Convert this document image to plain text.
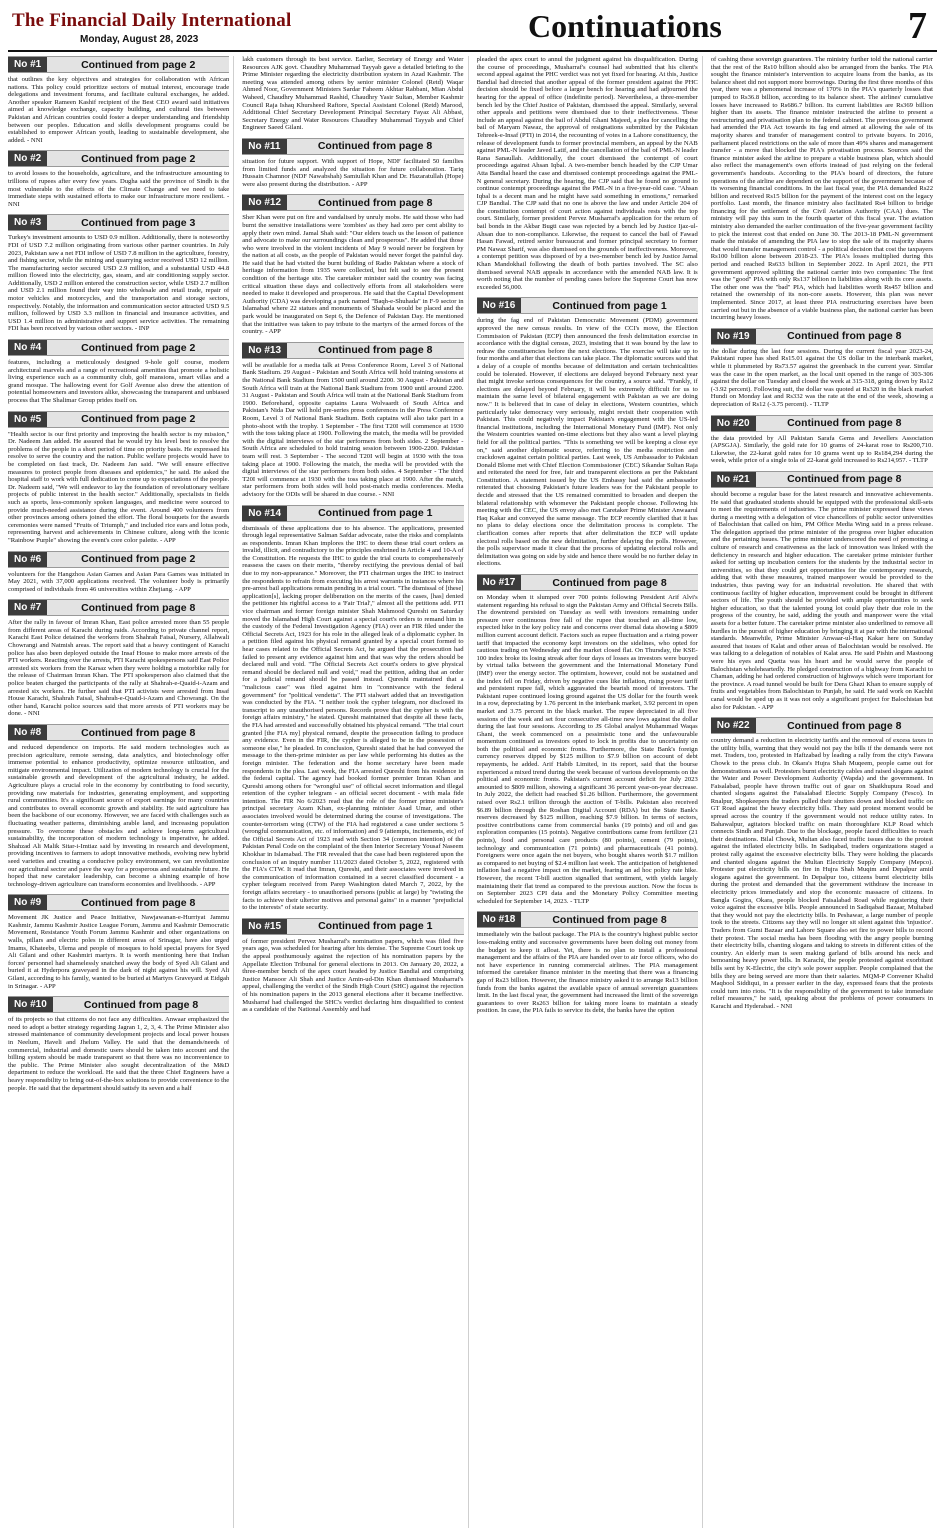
The Financial Daily International
Monday, August 28, 2023	Continuations	7
No #1	Continued from page 2

that outlines the key objectives and strategies for collaboration with African nations. This policy could prioritize sectors of mutual interest, encourage trade delegations and investment forums, and facilitate cultural exchanges, he added. Another speaker Rameen Kashif recipient of the Best CEO award said initiatives aimed at knowledge exchange, capacity building, and cultural ties between Pakistan and African countries could foster a deeper understanding and friendship between our peoples. Education and skills development programs could be established to empower African youth, leading to sustainable development, she added. - NNI

No #2	Continued from page 2

to avoid losses to the households, agriculture, and the infrastructure amounting to trillions of rupees after every few years. Dugha said the province of Sindh is the most vulnerable to the effects of the Climate Change and we need to take immediate steps with sustained efforts to make our infrastructure more resilient. - NNI

No #3	Continued from page 3

Turkey's investment amounts to USD 0.9 million. Additionally, there is noteworthy FDI of USD 7.2 million originating from various other partner countries. In July 2023, Pakistan saw a net FDI inflow of USD 7.8 million in the agriculture, forestry, and fishing sector, while the mining and quarrying sector received USD 12 million. The manufacturing sector secured USD 2.9 million, and a substantial USD 44.8 million flowed into the electricity, gas, steam, and air conditioning supply sector. Additionally, USD 2 million entered the construction sector, while USD 2.7 million and USD 2.1 million found their way into wholesale and retail trade, repair of motor vehicles and motorcycles, and the transportation and storage sectors, respectively. Notably, the information and communication sector attracted USD 9.5 million, followed by USD 3.3 million in financial and insurance activities, and USD 1.4 million in administrative and support service activities. The remaining FDI has been received by various other sectors. - INP

No #4	Continued from page 2

features, including a meticulously designed 9-hole golf course, modern architectural marvels and a range of recreational amenities that promote a holistic living experience such as a community club, golf mansions, smart villas and a grand mosque. The hallowing event for Golf Avenue also drew the attention of potential homeowners and investors alike, showcasing the transparent and unbiased process that The Shalimar Group prides itself on.

No #5	Continued from page 2

"Health sector is our first priority and improving the health sector is my mission," Dr. Nadeem Jan added. He assured that he would try his level best to resolve the problems of the people in a short period of time on priority basis. He expressed his resolve to serve the country and the nation. Public welfare projects would have to be completed on fast track, Dr. Nadeem Jan said. "We will ensure effective measures to protect people from diseases and epidemics," he said. He asked the hospital staff to work with full dedication to come up to expectations of the people. Dr. Nadeem said, "We will endeavor to lay the foundation of revolutionary welfare projects of public interest in the health sector." Additionally, specialists in fields such as sports, less-commonly spoken languages, and medicine were sourced to provide much-needed assistance during the event. Around 400 volunteers from other provinces among others joined the effort. The floral bouquets for the awards ceremonies were named "Fruits of Triumph," and included rice ears and lotus pods, representing harvest and achievements in Chinese culture, along with the iconic "Rainbow Purple" showing the event's core color palette. - APP

No #6	Continued from page 2

volunteers for the Hangzhou Asian Games and Asian Para Games was initiated in May 2021, with 37,000 applications received. The volunteer body is primarily comprised of individuals from 46 universities within Zhejiang. - APP

No #7	Continued from page 8

After the rally in favour of Imran Khan, East police arrested more than 55 people from different areas of Karachi during raids. According to private channel report, Karachi East Police detained the workers from Shahrah Faisal, Nursery, Allahwali Chowrangi and Natmish areas. The report said that a heavy contingent of Karachi police has also been deployed outside the Insaf House to make more arrests of the PTI workers. Reacting over the arrests, PTI Karachi spokespersons said East Police arrested six workers from the Karsaz when they were holding a motorbike rally for the release of Chairman Imran Khan. The PTI spokesperson also claimed that the police beaten charged the participants of the rally at Shahrah-e-Quaid-i-Azam and arrested six workers. He further said that PTI activists were arrested from Insaf House Karachi, Shahrah Faisal, Shahrah-e-Quaid-i-Azam and Chowrangi. On the other hand, Karachi police sources said that more arrests of PTI workers may be done. - NNI

No #8	Continued from page 8

and reduced dependence on imports. He said modern technologies such as precision agriculture, remote sensing, data analytics, and biotechnology offer immense potential to enhance productivity, optimize resource utilization, and mitigate environmental impact. Utilization of modern technology is crucial for the sustainable growth and development of the agricultural industry, he added. Agriculture plays a crucial role in the economy by contributing to food security, providing raw materials for industries, generating employment, and supporting rural communities. It's a significant source of export earnings for many countries and contributes to overall economic growth and stability. He said agriculture has been the backbone of our economy. However, we are faced with challenges such as fluctuating weather patterns, diminishing arable land, and increasing population pressure. To overcome these obstacles and achieve long-term agricultural sustainability, the incorporation of modern technology is imperative, he added. Shahzad Ali Malik Sitar-i-Imtiaz said by investing in research and development, providing incentives to farmers to adopt innovative methods, evolving new hybrid seed varieties and creating a conducive policy environment, we can revolutionize our agricultural sector and pave the way for a prosperous and sustainable future. He hoped that new caretaker leadership, can become a shining example of how technology-driven agriculture can transform economies and livelihoods. - APP

No #9	Continued from page 8

Movement JK Justice and Peace Initiative, Nawjawanan-e-Hurriyat Jammu Kashmir, Jammu Kashmir Justice League Forum, Jammu and Kashmir Democratic Movement, Resistance Youth Forum Jammu Kashmir and other organizations on walls, pillars and electric poles in different areas of Srinagar, have also urged Imams, Khateebs, Ulema and people of mosques to hold special prayers for Syed Ali Gilani and other Kashmiri martyrs. It is worth mentioning here that Indian forces' personnel had shamelessly snatched away the body of Syed Ali Gilani and buried it at Hyderpora graveyard in the dark of night against his will. Syed Ali Gilani, according to his family, wanted to be buried at Martyrs Graveyard at Eidgah in Srinagar. - APP

No #10	Continued from page 8

of its projects so that citizens do not face any difficulties. Anwaar emphasized the need to adopt a better strategy regarding Jagran 1, 2, 3, 4. The Prime Minister also stressed maintenance of community development projects and local power houses in Neelum, Haveli and Jhelum Valley. He said that the demands/needs of commercial, industrial and domestic users should be taken into account and the billing system should be made transparent so that there was no inconvenience to the public. The Prime Minister also sought decentralization of the M&D department to reduce the workload. He said that the three Chief Engineers have a heavy responsibility to bring out-of-the-box solutions to provide convenience to the people. He said that the department should satisfy its seven and a half

lakh customers through its best service. Earlier, Secretary of Energy and Water Resources AJK govt. Chaudhry Muhammad Tayyab gave a detailed briefing to the Prime Minister regarding the electricity distribution system in Azad Kashmir. The meeting was attended among others by senior minister Colonel (Retd) Waqar Ahmed Noor, Government Ministers Sardar Faheem Akhtar Rabbani, Mian Abdul Waheed, Chaudhry Muhammad Rashid, Chaudhry Yasir Sultan, Member Kashmir Council Raja Ishaq Khursheed Raftore, Special Assistant Colonel (Retd) Marood, Additional Chief Secretary Development Principal Secretary Fayaz Ali Abbasi, Secretary Energy and Water Resources Chaudhry Muhammad Tayyab and Chief Engineer Saeed Gilani.

No #11	Continued from page 8

situation for future support. With support of Hope, NDF facilitated 50 families from limited funds and analyzed the situation for future collaboration. Tariq Hussain Chamnor (NDF Nawabshah) Samiullah Khan and Dr. Hazaratullah (Hope) were also present during the distribution. - APP

No #12	Continued from page 8

Sher Khan were put on fire and vandalised by unruly mobs. He said those who had burnt the sensitive installations were 'zombies' as they had zero per cent ability to apply their own mind. Jamal Shah said: "Our elders teach us the lesson of patience and advocate to make our surroundings clean and prosperous". He added that those who were involved in the violent incidents of May 9 would never be forgiven by the nation at all costs, as the people of Pakistan would never forget the painful day. He said that he had visited the burnt building of Radio Pakistan where a stock of heritage information from 1935 were collected, but felt sad to see the present condition of the heritage site. The caretaker minister said the country was facing critical situation these days and collectively efforts from all stakeholders were needed to make it developed and prosperous. He said that the Capital Development Authority (CDA) was developing a park named "Baqh-e-Shuhada" in F-9 sector in Islamabad where 22 statues and monuments of Shahada would be placed and the park would be inaugurated on Sept 6, the Defence of Pakistan Day. He mentioned that the initiative was taken to pay tribute to the martyrs of the armed forces of the country. - APP

No #13	Continued from page 8

will be available for a media talk at Press Conference Room, Level 3 of National Bank Stadium. 29 August - Pakistan and South Africa will hold training sessions at the National Bank Stadium from 1500 until around 2200. 30 August - Pakistan and South Africa will train at the National Bank Stadium from 1900 until around 2200. 31 August - Pakistan and South Africa will train at the National Bank Stadium from 1900. Beforehand, opposite captains Laura Wolvaardt of South Africa and Pakistan's Nida Dar will hold pre-series press conferences in the Press Conference Room, Level 3 of National Bank Stadium. Both captains will also take part in a photo-shoot with the trophy. 1 September - The first T20I will commence at 1930 with the toss taking place at 1900. Following the match, the media will be provided with the digital interviews of the star performers from both sides. 2 September - South Africa are scheduled to hold training session between 1900-2200. Pakistan team will rest. 3 September - The second T20I will begin at 1930 with the toss taking place at 1900. Following the match, the media will be provided with the digital interviews of the star performers from both sides. 4 September - The third T20I will commence at 1930 with the toss taking place at 1900. After the match, star performers from both sides will hold post-match media conferences. Media advisory for the ODIs will be shared in due course. - NNI

No #14	Continued from page 1

dismissals of these applications due to his absence. The applications, presented through legal representative Salman Safdar advocate, raise the risks and complaints as respondents. Imran Khan implores the IHC to deem these trial court orders as invalid, illicit, and contradictory to the principles enshrined in Article 4 and 10-A of the Constitution. He requests the IHC to guide the trial courts to comprehensively reassess the cases on their merits, "thereby rectifying the previous denial of bail due to my non-appearance." Moreover, the PTI chairman urges the IHC to instruct the respondents to refrain from executing his arrest warrants in instances where his pre-arrest bail applications remain pending in a trial court. "The dismissal of [these] application[s], lacking proper deliberation on the merits of the cases, [has] denied the petitioner his rightful access to a 'Fair Trial'," almost all the petitions add. PTI vice chairman and former foreign minister Shah Mahmood Qureshi on Saturday moved the Islamabad High Court against a special court's orders to remand him in the custody of the Federal Investigation Agency (FIA) over an FIR filed under the Official Secrets Act, 1923 for his role in the alleged leak of a diplomatic cypher. In a petition filed against his physical remand granted by a special court formed to hear cases related to the Official Secrets Act, he argued that the prosecution had failed to present any evidence against him and that was why the orders should be declared null and void. "The Official Secrets Act court's orders to give physical remand should be declared null and void," read the petition, adding that an order for a judicial remand should be passed instead. Qureshi maintained that a "malicious case" was filed against him in "connivance with the federal government" for "political vendetta". The PTI stalwart added that an investigation was conducted by the FIA. "I neither took the cypher telegram, nor disclosed its transcript to any unauthorised persons. Records prove that the cypher is with the foreign affairs ministry," he stated. Qureshi maintained that despite all these facts, the FIA had arrested and successfully obtained his physical remand. "The trial court granted [the FIA my] physical remand, despite the prosecution failing to produce any evidence. Even in the FIR, the cypher is alleged to be in the possession of someone else," he pleaded. In conclusion, Qureshi stated that he had conveyed the message to the then-prime minister as per law while performing his duties as the foreign minister. The federation and the home secretary have been made respondents in the plea. Last week, the FIA arrested Qureshi from his residence in the federal capital. The agency had booked former premier Imran Khan and Qureshi among others for "wrongful use" of official secret information and illegal retention of the cypher telegram - an official secret document - with mala fide intention. The FIR No 6/2023 read that the role of the former prime minister's principal secretary Azam Khan, ex-planning minister Asad Umar, and other associates involved would be determined during the course of investigations. The counter-terrorism wing (CTW) of the FIA had registered a case under sections 5 (wrongful communication, etc. of information) and 9 (attempts, incitements, etc) of the Official Secrets Act of 1923 read with Section 34 (common intention) of the Pakistan Penal Code on the complaint of the then Interior Secretary Yousaf Naseem Khokhar in Islamabad. The FIR revealed that the case had been registered upon the conclusion of an inquiry number 111/2023 dated October 5, 2022, registered with the FIA's CTW. It read that Imran, Qureshi, and their associates were involved in the communication of information contained in a secret classified document - a cypher telegram received from Parep Washington dated March 7, 2022, by the foreign affairs secretary - to unauthorised persons (public at large) by "twisting the facts to achieve their ulterior motives and personal gains" in a manner "prejudicial to the interests" of state security.

No #15	Continued from page 1

of former president Pervez Musharraf's nomination papers, which was filed five years ago, was scheduled for hearing after his demise. The Supreme Court took up the appeal posthumously against the rejection of his nomination papers by the Appellate Election Tribunal for general elections in 2013. On January 20, 2022, a three-member bench of the apex court headed by Justice Bandial and comprising Justice Mansoor Ali Shah and Justice Amin-ud-Din Khan dismissed Musharraf's appeal, challenging the verdict of the Sindh High Court (SHC) against the rejection of his nomination papers in the 2013 general elections after it became ineffective. Musharraf had challenged the SHC's verdict declaring him disqualified to contest as a candidate of the National Assembly and had

pleaded the apex court to annul the judgment against his disqualification. During the course of proceedings, Musharraf's counsel had submitted that his client's second appeal against the PHC verdict was not yet fixed for hearing. At this, Justice Bandial had directed that another appeal of the former president against the PHC decision should be fixed before a larger bench for hearing and had adjourned the hearing for the appeal of office (indefinite period). Nevertheless, a three-member bench led by the Chief Justice of Pakistan, dismissed the appeal. Similarly, several other appeals and petitions were dismissed due to their ineffectiveness. These include an appeal against the bail of Abdul Ghani Majeed, a plea for cancelling the bail of Maryam Nawaz, the approval of resignations submitted by the Pakistan Tehreek-e-Insaf (PTI) in 2014, the recounting of votes in a Lahore constituency, the release of development funds to former provincial members, an appeal by the NAB against PML-N leader Javed Latif, and the cancellation of the bail of PML-N leader Rana Sanaullah. Additionally, the court dismissed the contempt of court proceedings against Ahsan Iqbal. A two-member bench headed by the CJP Umar Atta Bandial heard the case and dismissed contempt proceedings against the PML-N general secretary. During the hearing, the CJP said that he found no ground to continue contempt proceedings against the PML-N in a five-year-old case. "Ahsan Iqbal is a decent man and he might have said something in emotions," remarked CJP Bandial. The CJP said that no one is above the law and under Article 204 of the constitution contempt of court action against individuals rests with the top court. Similarly, former president Pervez Musharraf's application for the return of bail bonds in the Akbar Bugti case was rejected by a bench led by Justice Ijaz-ul-Ahsan due to non-compliance. Likewise, the request to cancel the bail of Fawad Hasan Fawad, retired senior bureaucrat and former principal secretary to former PM Nawaz Sharif, was also dismissed on the grounds of ineffectiveness. Moreover, a contempt petition was disposed of by a two-member bench led by Justice Jamal Khan Mandokhail following the death of both parties involved. The SC also dismissed several NAB appeals in accordance with the amended NAB law. It is worth noting that the number of pending cases before the Supreme Court has now exceeded 56,000.

No #16	Continued from page 1

during the fag end of Pakistan Democratic Movement (PDM) government approved the new census results. In view of the CCI's move, the Election Commission of Pakistan (ECP) then announced the fresh delimitation exercise in accordance with the digital census, 2023, insisting that it was bound by the law to redraw the constituencies before the next elections. The exercise will take up to four months and after that elections can take place. The diplomatic sources said that a delay of a couple of months because of delimitation and certain technicalities could be tolerated. However, if elections are delayed beyond February next year that might invoke serious consequences for the country, a source said. "Frankly, if elections are delayed beyond February, it will be extremely difficult for us to maintain the same level of bilateral engagement with Pakistan as we are doing now." It is believed that in case of delay in elections, Western countries, which particularly take democracy very seriously, might revisit their cooperation with Pakistan. This could negatively impact Pakistan's engagement with the US-led financial institutions, including the International Monetary Fund (IMF). Not only the Western countries wanted on-time elections but they also want a level playing field for all the political parties. "This is something we will be keeping a close eye on," said another diplomatic source, referring to the media restriction and crackdown against certain political parties. Last week, US Ambassador to Pakistan Donald Blome met with Chief Election Commissioner (CEC) Sikandar Sultan Raja and reiterated the need for free, fair and transparent elections as per the Pakistani Constitution. A statement issued by the US Embassy had said the ambassador reiterated that choosing Pakistan's future leaders was for the Pakistani people to decide and stressed that the US remained committed to broaden and deepen the bilateral relationship with whomever the Pakistani people choose. Following his meeting with the CEC, the US envoy also met Caretaker Prime Minister Anwaarul Haq Kakar and conveyed the same message. The ECP recently clarified that it has no plans to delay elections once the delimitation process is complete. The clarification comes after reports that after delimitation the ECP will update electoral rolls based on the new delimitation, further delaying the polls. However, the polls supervisor made it clear that the process of updating electoral rolls and delimitation was going on side by side and hence there would be no further delay in elections.

No #17	Continued from page 8

on Monday when it slumped over 700 points following President Arif Alvi's statement regarding his refusal to sign the Pakistan Army and Official Secrets Bills. The downtrend persisted on Tuesday as well with investors remaining under pressure over continuous free fall of the rupee that touched an all-time low, expected hike in the key policy rate and concerns over dismal data showing a $809 million current account deficit. Factors such as rupee fluctuation and a rising power tariff that impacted the economy kept investors on the sidelines, who opted for cautious trading on Wednesday and the market closed flat. On Thursday, the KSE-100 index broke its losing streak after four days of losses as investors were buoyed by virtual talks between the government and the International Monetary Fund (IMF) over the energy sector. The optimism, however, could not be sustained and the index fell on Friday, driven by negative cues like inflation, rising power tariff and persistent rupee fall, which aggravated the bearish mood of investors. The Pakistani rupee continued losing ground against the US dollar for the fourth week in a row, depreciating by 1.76 percent in the interbank market, 3.92 percent in open market and 3.75 percent in the black market. The rupee depreciated in all five sessions of the week and set four consecutive all-time new lows against the dollar during the last four sessions. According to JS Global analyst Muhammad Waqas Ghani, the week commenced on a pessimistic tone and the unfavourable momentum continued as investors opted to lock in profits due to uncertainty on both the political and economic fronts. Furthermore, the State Bank's foreign currency reserves dipped by $125 million to $7.9 billion on account of debt repayments, he added. Arif Habib Limited, in its report, said that the bourse experienced a mixed trend during the week because of various developments on the political and economic fronts. Pakistan's current account deficit for July 2023 amounted to $809 million, showing a significant 36 percent year-on-year decrease. In July 2022, the deficit had reached $1.26 billion. Furthermore, the government raised over Rs2.1 trillion through the auction of T-bills. Pakistan also received $6.89 billion through the Roshan Digital Account (RDA) but the State Bank's reserves decreased by $125 million, reaching $7.9 billion. In terms of sectors, positive contributions came from commercial banks (19 points) and oil and gas exploration companies (15 points). Negative contributions came from fertilizer (21 points), food and personal care products (80 points), cement (79 points), technology and communication (71 points) and pharmaceuticals (41 points). Foreigners were once again the net buyers, who bought shares worth $1.7 million as compared to net buying of $2.4 million last week. The anticipation of heightened inflation had a negative impact on the market, fearing an ad hoc policy rate hike. However, the recent T-bill auction signalled that sentiment, with yields largely maintaining their flat trend as compared to the previous auction. Now the focus is on September 2023 CPI data and the Monetary Policy Committee meeting scheduled for September 14, 2023. - TLTP

No #18	Continued from page 8

immediately win the bailout package. The PIA is the country's highest public sector loss-making entity and successive governments have been doling out money from the budget to keep it afloat. Yet, there is no plan to install a professional management and the affairs of the PIA are handed over to air force officers, who do not have experience in running commercial airlines. The PIA management informed the caretaker finance minister in the meeting that there was a financing gap of Rs23 billion. However, the finance ministry asked it to arrange Rs13 billion funds from the banks against the available space of annual sovereign guarantees limit. In the last fiscal year, the government had increased the limit of the sovereign guarantees to over Rs263 billion for taking more loans to maintain a steady position. In case, the PIA fails to service its debt, the banks have the option

of cashing these sovereign guarantees. The ministry further told the national carrier that the rest of the Rs10 billion should also be arranged from the banks. The PIA sought the finance minister's intervention to acquire loans from the banks, as its balance sheet did not support more borrowings. During the first three months of this year, there was a phenomenal increase of 170% in the PIA's quarterly losses that jumped to Rs36.8 billion, according to its balance sheet. The airlines' cumulative losses have increased to Rs686.7 billion. Its current liabilities are Rs369 billion higher than its assets. The finance minister instructed the airline to present a restructuring and privatisation plan to the federal cabinet. The previous government had amended the PIA Act towards its fag end aimed at allowing the sale of its majority shares and transfer of management control to private buyers. In 2016, parliament placed restrictions on the sale of more than 49% shares and management transfer - a move that blocked the PIA's privatisation process. Sources said the finance minister asked the airline to prepare a viable business plan, which should also reflect the management's own efforts instead of just relying on the federal government's handouts. According to the PIA's board of directors, the future operations of the airline are dependent on the support of the government because of its worsening financial conditions. In the last fiscal year, the PIA demanded Rs22 billion and received Rs15 billion for the payment of the interest cost on the legacy portfolio. Last month, the finance ministry also facilitated Rs4 billion to bridge financing for the settlement of the Civil Aviation Authority (CAA) dues. The ministry will pay this sum in the fourth quarter of this fiscal year. The aviation ministry also demanded the earlier continuation of the five-year government facility to pick the interest cost that ended on June 30. The 2013-18 PML-N government made the mistake of amending the PIA law to stop the sale of its majority shares that would transfer management control - a political decision that cost the taxpayers Rs100 billion alone between 2018-23. The PIA's losses multiplied during this period and reached Rs633 billion in September 2022. In April 2021, the PTI government approved splitting the national carrier into two companies: The first was the "good" PIA with only Rs137 billion in liabilities along with its core assets. The other one was the "bad" PIA, which had liabilities worth Rs457 billion and retained the ownership of its non-core assets. However, this plan was never implemented. Since 2017, at least three PIA restructuring exercises have been carried out but in the absence of a viable business plan, the national carrier has been incurring heavy losses.

No #19	Continued from page 8

the dollar during the last four sessions. During the current fiscal year 2023-24, Pakistani rupee has shed Rs15.01 against the US dollar in the interbank market, while it plummeted by Rs73.57 against the greenback in the current year. Similar was the case in the open market, as the local unit opened in the range of 303-306 against the dollar on Tuesday and closed the week at 315-318, going down by Rs12 (-3.92 percent). Following suit, the dollar was quoted at Rs320 in the black market Hundi on Monday last and Rs332 was the rate at the end of the week, showing a depreciation of Rs12 (-3.75 percent). - TLTP

No #20	Continued from page 8

the data provided by All Pakistan Sarafa Gems and Jewellers Association (APSGJA). Similarly, the gold rate for 10 grams of 24-karat rose to Rs200,710. Likewise, the 22-karat gold rates for 10 grams went up to Rs184,294 during the week, while price of a single tola of 22-karat gold increased to Rs214,957. - TLTP

No #21	Continued from page 8

should become a regular base for the latest research and innovative achievements. He said that graduated students should be equipped with the professional skill-sets to meet the requirements of industries. The prime minister expressed these views during a meeting with a delegation of vice chancellors of public sector universities of Balochistan that called on him, PM Office Media Wing said in a press release. The delegation apprised the prime minister of the progress over higher education and the pertaining issues. The prime minister underscored the need of promoting a culture of research and creativeness as the lack of innovation was linked with the deficiency in research and higher education. The caretaker prime minister further asked for setting up incubation centers for the students by the industrial sector in universities, so that they could get opportunities for the contemporary research, adding that with these measures, trained manpower would be provided to the industries, thus paving way for an industrial revolution. He shared that with continuous facility of higher education, improvement could be brought in different sectors of life. The youth should be provided with ample opportunities to seek higher education, so that the talented young lot could play their due role in the progress of the country, he said, adding the youth and manpower were the vital assets for a better future. The caretaker prime minister also underlined to remove all hurdles in the pursuit of higher education by bringing it at par with the international standards. Meanwhile, Prime Minister Anwaar-ul-Haq Kakar here on Sunday assured that issues of Kalat and other areas of Balochistan would be resolved. He was talking to a delegation of notables of Kalat area. He said Pishin and Mastoong were his eyes and Quetta was his heart and he would serve the people of Balochistan wholeheartedly. He pledged construction of a highway from Karachi to Chaman, adding he had ordered construction of highways which were important for the province. A road tunnel would be built for Dera Ghazi Khan to ensure supply of fruits and vegetables from Balochistan to Punjab, he said. He said work on Kachhi canal would be sped up as it was not only a significant project for Balochistan but also for Pakistan. - APP

No #22	Continued from page 8

country demand a reduction in electricity tariffs and the removal of excess taxes in the utility bills, warning that they would not pay the bills if the demands were not met. Traders, too, protested in Hafizabad by leading a rally from the city's Fawara Chowk to the press club. In Okara's Hujra Shah Muqeem, people came out for demonstrations as well. Protesters burnt electricity cables and raised slogans against the Water and Power Development Authority (Wapda) and the government. In Faisalabad, people have thrown traffic out of gear on Shaikhupura Road and chanted slogans against the Faisalabad Electric Supply Company (Fesco). In Rnalpur, Shopkeepers the traders pulled their shutters down and blocked traffic on GT Road against the heavy electricity bills. They said protest moment would be spread across the country if the government would not reduce utility rates. In Bahawalpur, agitators blocked traffic on main thoroughfare KLP Road which connects Sindh and Punjab. Due to the blockage, people faced difficulties to reach their destinations. Bilal Chowk, Multan also faced traffic issues due to the protest against the inflated electricity bills. In Sadiqabad, traders organizations staged a protest rally against the excessive electricity bills. They were holding the placards and chanted slogans against the Multan Electricity Supply Company (Mepco). Protester put electricity bills on fire in Hujra Shah Muqim and Depalpur amid slogans against the government. In Depalpur too, citizens burnt electricity bills during the protest and demanded that the government withdraw the increase in electricity prices immediately and stop the economic massacre of citizens. In Bangla Gogira, Okara, people blocked Faisalabad Road while registering their voice against the excessive bills. People announced in Sadiqabad Bazaar, Multabad that they would not pay the electricity bills. In Peshawar, a large number of people took to the streets. Citizens say they will no longer sit silent against this 'injustice'. Traders from Gumi Bazaar and Lahore Square also set fire to power bills to record their protest. The social media has been flooding with the angry people burning their electricity bills, chanting slogans and taking to streets in different cities of the country. An elderly man is seen making garland of bills around his neck and bemoaning heavy power bills. In Karachi, the people protested against exorbitant bills sent by K-Electric, the city's sole power supplier. People complained that the bills they are being served are more than their salaries. MQM-P Convener Khalid Maqbool Siddiqui, in a presser earlier in the day, expressed fears that the protests could turn into riots. "It is the responsibility of the government to take immediate relief measures," he said, speaking about the problems of power consumers in Karachi and Hyderabad. - NNI
